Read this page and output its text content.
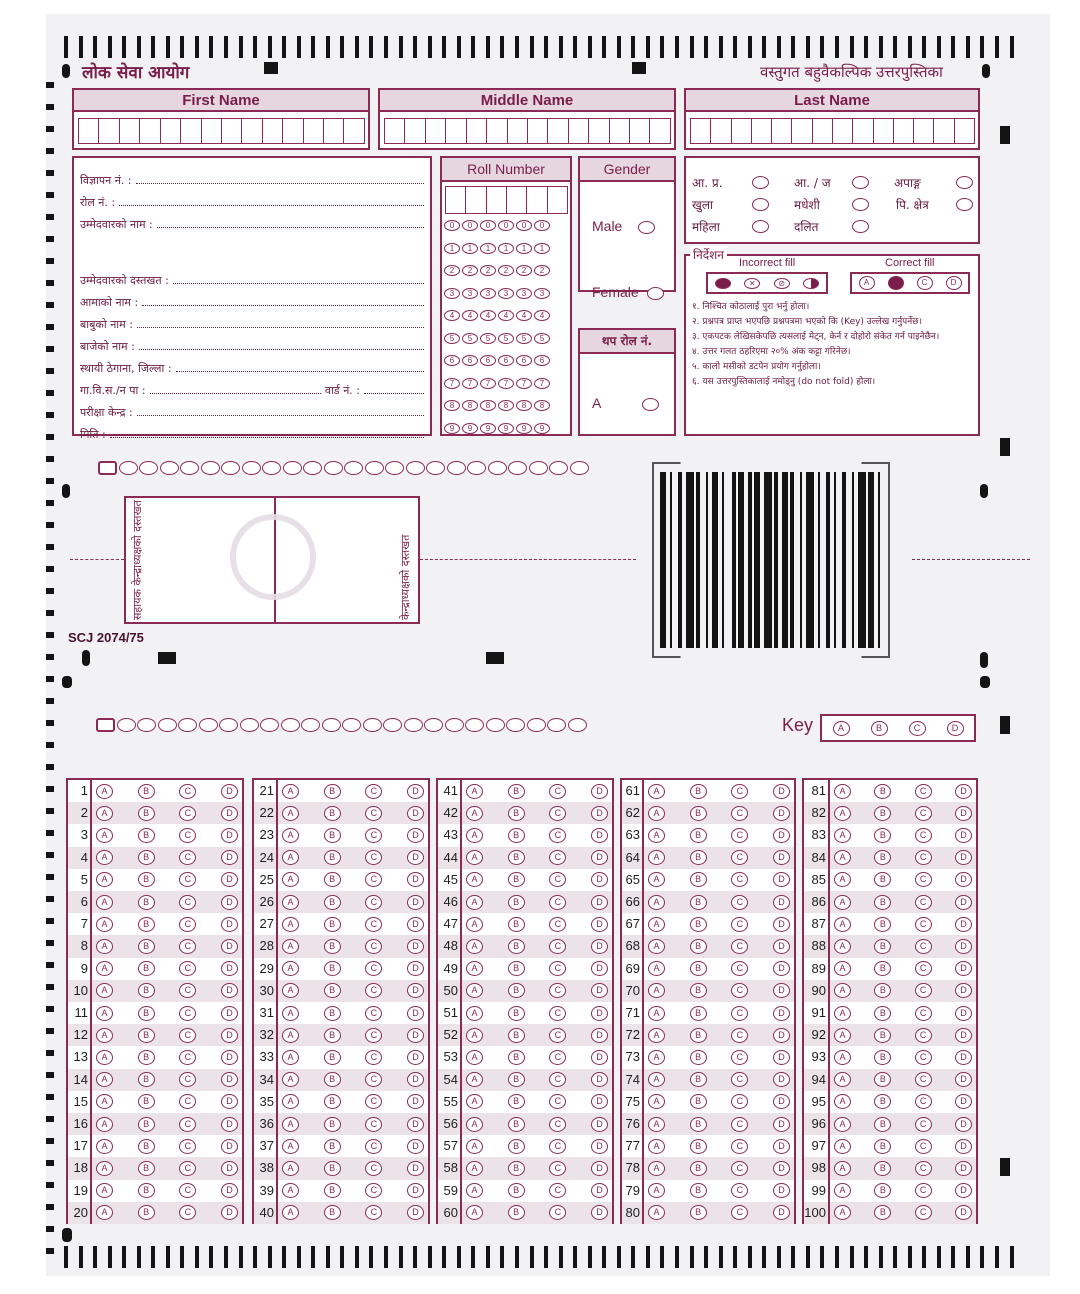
लोक सेवा आयोग	वस्तुगत बहुवैकल्पिक उत्तरपुस्तिका
First Name	Middle Name	Last Name
विज्ञापन नं. :
रोल नं. :
उम्मेदवारको नाम :
उम्मेदवारको दस्तखत :
आमाको नाम :
बाबुको नाम :
बाजेको नाम :
स्थायी ठेगाना, जिल्ला :
गा.वि.स./न पा :	वार्ड नं. :
परीक्षा केन्द्र :
मिति :
Roll Number
0	0	0	0	0	0
1	1	1	1	1	1
2	2	2	2	2	2
3	3	3	3	3	3
4	4	4	4	4	4
5	5	5	5	5	5
6	6	6	6	6	6
7	7	7	7	7	7
8	8	8	8	8	8
9	9	9	9	9	9
Gender
Male
Female
थप रोल नं.
A
आ. प्र.	आ. / ज	अपाङ्ग
खुला	मधेशी	पि. क्षेत्र
महिला	दलित
निर्देशन
Incorrect fill	Correct fill
✕	⊘	A	C	D
१. निश्चित कोठालाई पुरा भर्नु होला।
२. प्रश्नपत्र प्राप्त भएपछि प्रश्नपत्रमा भएको कि (Key) उल्लेख गर्नुपर्नेछ।
३. एकपटक लेखिसकेपछि त्यसलाई मेट्न, केर्न र दोहोरो संकेत गर्न पाइनेछैन।
४. उत्तर गलत ठहरिएमा २०% अंक कट्टा गरिनेछ।
५. कालो मसीको डटपेन प्रयोग गर्नुहोला।
६. यस उत्तरपुस्तिकालाई नमोड्नु (do not fold) होला।
सहायक केन्द्राध्यक्षको दस्तखत	केन्द्राध्यक्षको दस्तखत
SCJ 2074/75
Key	A	B	C	D
1	A	B	C	D
2	A	B	C	D
3	A	B	C	D
4	A	B	C	D
5	A	B	C	D
6	A	B	C	D
7	A	B	C	D
8	A	B	C	D
9	A	B	C	D
10	A	B	C	D
11	A	B	C	D
12	A	B	C	D
13	A	B	C	D
14	A	B	C	D
15	A	B	C	D
16	A	B	C	D
17	A	B	C	D
18	A	B	C	D
19	A	B	C	D
20	A	B	C	D
21	A	B	C	D
22	A	B	C	D
23	A	B	C	D
24	A	B	C	D
25	A	B	C	D
26	A	B	C	D
27	A	B	C	D
28	A	B	C	D
29	A	B	C	D
30	A	B	C	D
31	A	B	C	D
32	A	B	C	D
33	A	B	C	D
34	A	B	C	D
35	A	B	C	D
36	A	B	C	D
37	A	B	C	D
38	A	B	C	D
39	A	B	C	D
40	A	B	C	D
41	A	B	C	D
42	A	B	C	D
43	A	B	C	D
44	A	B	C	D
45	A	B	C	D
46	A	B	C	D
47	A	B	C	D
48	A	B	C	D
49	A	B	C	D
50	A	B	C	D
51	A	B	C	D
52	A	B	C	D
53	A	B	C	D
54	A	B	C	D
55	A	B	C	D
56	A	B	C	D
57	A	B	C	D
58	A	B	C	D
59	A	B	C	D
60	A	B	C	D
61	A	B	C	D
62	A	B	C	D
63	A	B	C	D
64	A	B	C	D
65	A	B	C	D
66	A	B	C	D
67	A	B	C	D
68	A	B	C	D
69	A	B	C	D
70	A	B	C	D
71	A	B	C	D
72	A	B	C	D
73	A	B	C	D
74	A	B	C	D
75	A	B	C	D
76	A	B	C	D
77	A	B	C	D
78	A	B	C	D
79	A	B	C	D
80	A	B	C	D
81	A	B	C	D
82	A	B	C	D
83	A	B	C	D
84	A	B	C	D
85	A	B	C	D
86	A	B	C	D
87	A	B	C	D
88	A	B	C	D
89	A	B	C	D
90	A	B	C	D
91	A	B	C	D
92	A	B	C	D
93	A	B	C	D
94	A	B	C	D
95	A	B	C	D
96	A	B	C	D
97	A	B	C	D
98	A	B	C	D
99	A	B	C	D
100	A	B	C	D
